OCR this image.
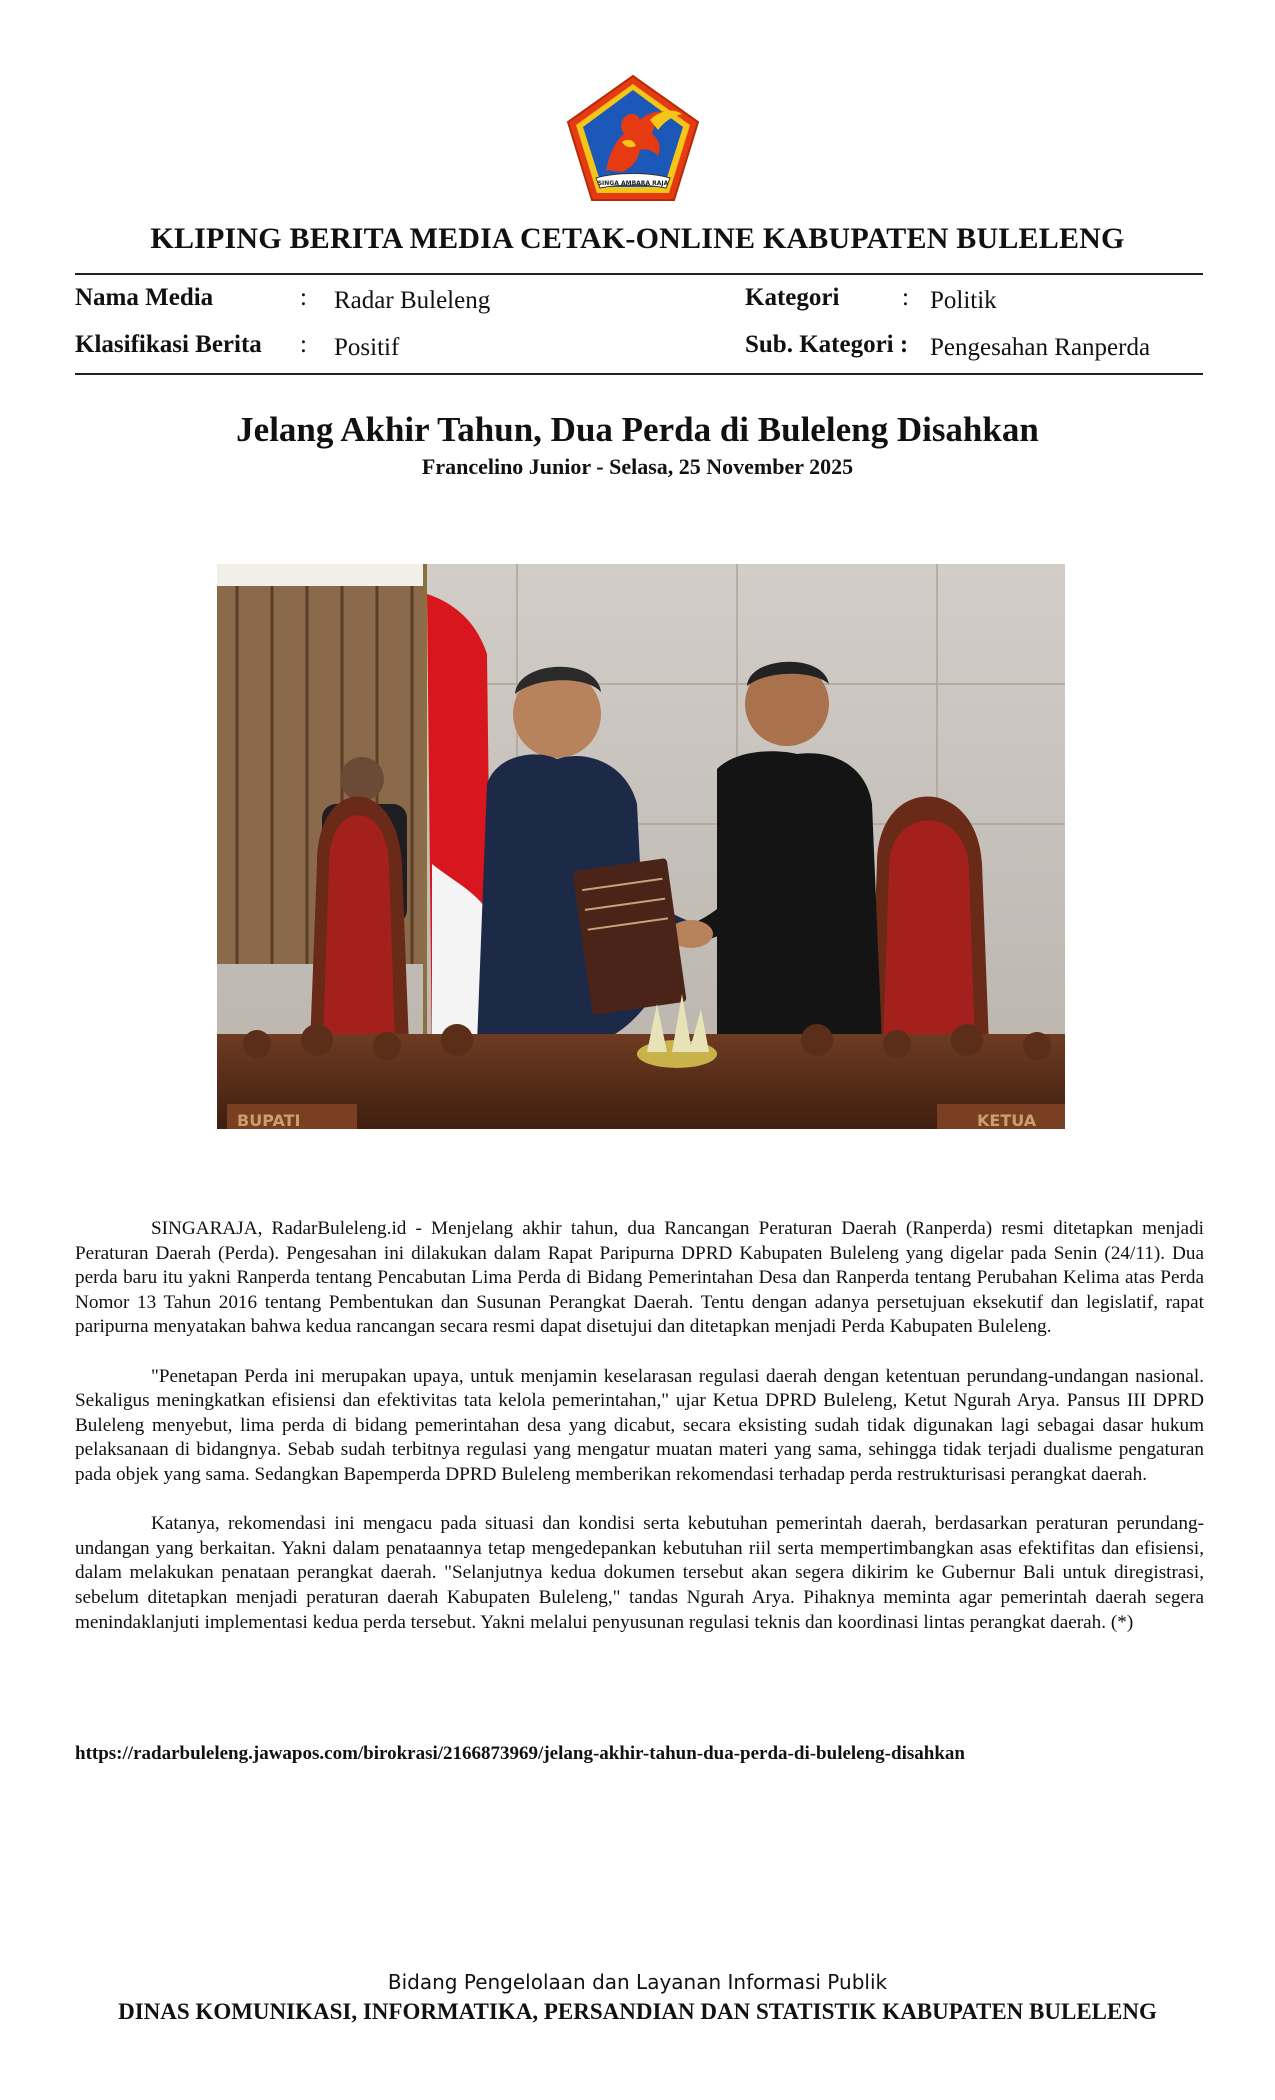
SINGA AMBARA RAJA
KLIPING BERITA MEDIA CETAK-ONLINE KABUPATEN BULELENG
Nama Media	: Radar Buleleng
Klasifikasi Berita : Positif
Kategori	: Politik
Sub. Kategori : Pengesahan Ranperda
Jelang Akhir Tahun, Dua Perda di Buleleng Disahkan
Francelino Junior - Selasa, 25 November 2025
BUPATI	KETUA

SINGARAJA, RadarBuleleng.id - Menjelang akhir tahun, dua Rancangan Peraturan Daerah (Ranperda) resmi ditetapkan menjadi Peraturan Daerah (Perda). Pengesahan ini dilakukan dalam Rapat Paripurna DPRD Kabupaten Buleleng yang digelar pada Senin (24/11). Dua perda baru itu yakni Ranperda tentang Pencabutan Lima Perda di Bidang Pemerintahan Desa dan Ranperda tentang Perubahan Kelima atas Perda Nomor 13 Tahun 2016 tentang Pembentukan dan Susunan Perangkat Daerah. Tentu dengan adanya persetujuan eksekutif dan legislatif, rapat paripurna menyatakan bahwa kedua rancangan secara resmi dapat disetujui dan ditetapkan menjadi Perda Kabupaten Buleleng.

"Penetapan Perda ini merupakan upaya, untuk menjamin keselarasan regulasi daerah dengan ketentuan perundang-undangan nasional. Sekaligus meningkatkan efisiensi dan efektivitas tata kelola pemerintahan," ujar Ketua DPRD Buleleng, Ketut Ngurah Arya. Pansus III DPRD Buleleng menyebut, lima perda di bidang pemerintahan desa yang dicabut, secara eksisting sudah tidak digunakan lagi sebagai dasar hukum pelaksanaan di bidangnya. Sebab sudah terbitnya regulasi yang mengatur muatan materi yang sama, sehingga tidak terjadi dualisme pengaturan pada objek yang sama. Sedangkan Bapemperda DPRD Buleleng memberikan rekomendasi terhadap perda restrukturisasi perangkat daerah.

Katanya, rekomendasi ini mengacu pada situasi dan kondisi serta kebutuhan pemerintah daerah, berdasarkan peraturan perundang-undangan yang berkaitan. Yakni dalam penataannya tetap mengedepankan kebutuhan riil serta mempertimbangkan asas efektifitas dan efisiensi, dalam melakukan penataan perangkat daerah. "Selanjutnya kedua dokumen tersebut akan segera dikirim ke Gubernur Bali untuk diregistrasi, sebelum ditetapkan menjadi peraturan daerah Kabupaten Buleleng," tandas Ngurah Arya. Pihaknya meminta agar pemerintah daerah segera menindaklanjuti implementasi kedua perda tersebut. Yakni melalui penyusunan regulasi teknis dan koordinasi lintas perangkat daerah. (*)

https://radarbuleleng.jawapos.com/birokrasi/2166873969/jelang-akhir-tahun-dua-perda-di-buleleng-disahkan
Bidang Pengelolaan dan Layanan Informasi Publik
DINAS KOMUNIKASI, INFORMATIKA, PERSANDIAN DAN STATISTIK KABUPATEN BULELENG
